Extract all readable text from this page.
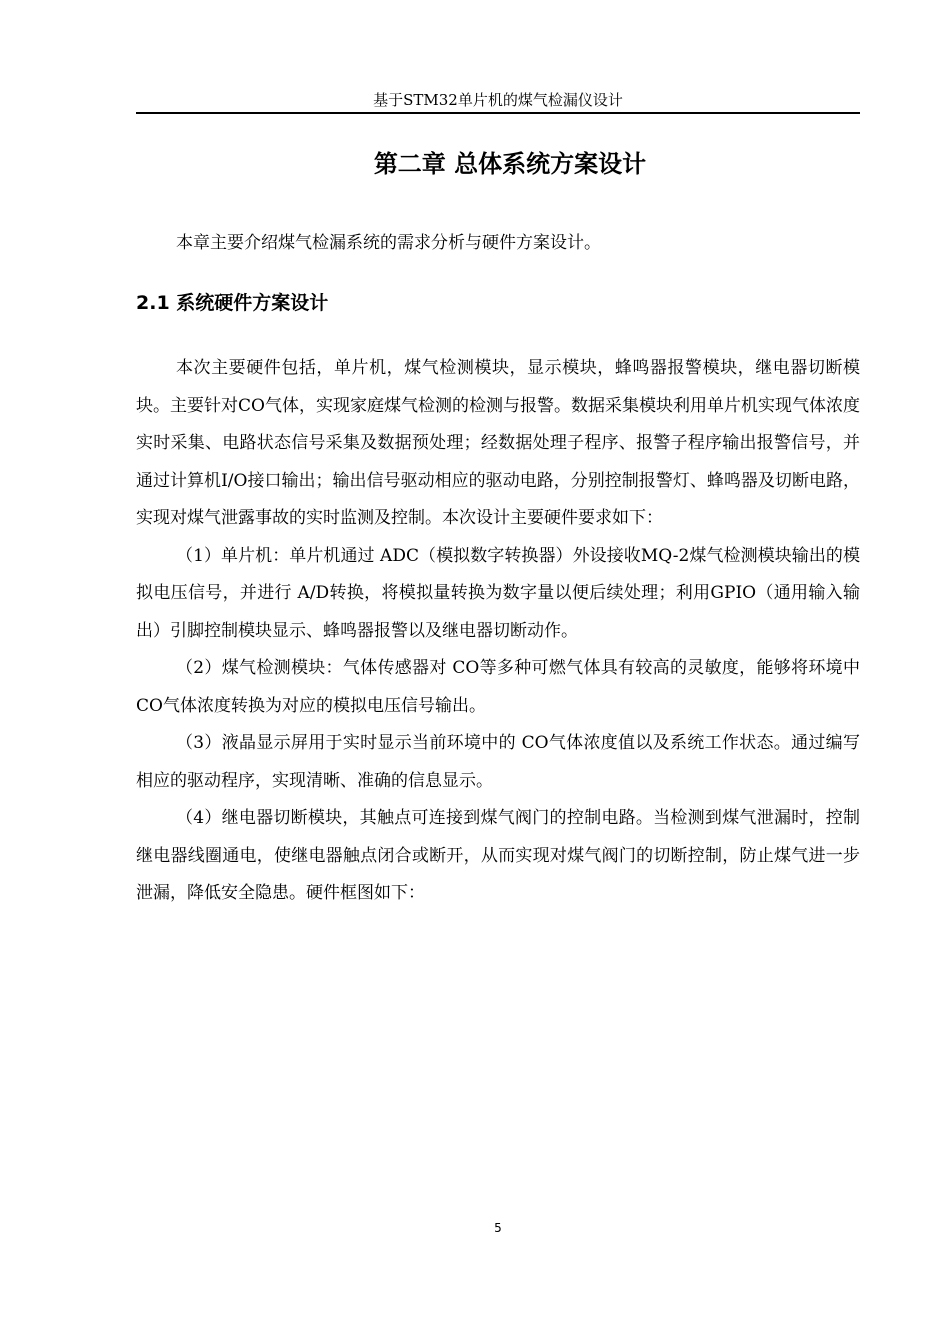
基于STM32单片机的煤气检漏仪设计
第二章 总体系统方案设计

本章主要介绍煤气检漏系统的需求分析与硬件方案设计。

2.1 系统硬件方案设计

本次主要硬件包括，单片机，煤气检测模块，显示模块，蜂鸣器报警模块，继电器切断模块。主要针对CO气体，实现家庭煤气检测的检测与报警。数据采集模块利用单片机实现气体浓度实时采集、电路状态信号采集及数据预处理；经数据处理子程序、报警子程序输出报警信号，并通过计算机I/O接口输出；输出信号驱动相应的驱动电路，分别控制报警灯、蜂鸣器及切断电路，实现对煤气泄露事故的实时监测及控制。本次设计主要硬件要求如下：

（1）单片机：单片机通过 ADC（模拟数字转换器）外设接收MQ-2煤气检测模块输出的模拟电压信号，并进行 A/D转换，将模拟量转换为数字量以便后续处理；利用GPIO（通用输入输出）引脚控制模块显示、蜂鸣器报警以及继电器切断动作。

（2）煤气检测模块：气体传感器对 CO等多种可燃气体具有较高的灵敏度，能够将环境中 CO气体浓度转换为对应的模拟电压信号输出。

（3）液晶显示屏用于实时显示当前环境中的 CO气体浓度值以及系统工作状态。通过编写相应的驱动程序，实现清晰、准确的信息显示。

（4）继电器切断模块，其触点可连接到煤气阀门的控制电路。当检测到煤气泄漏时，控制继电器线圈通电，使继电器触点闭合或断开，从而实现对煤气阀门的切断控制，防止煤气进一步泄漏，降低安全隐患。硬件框图如下：

5
